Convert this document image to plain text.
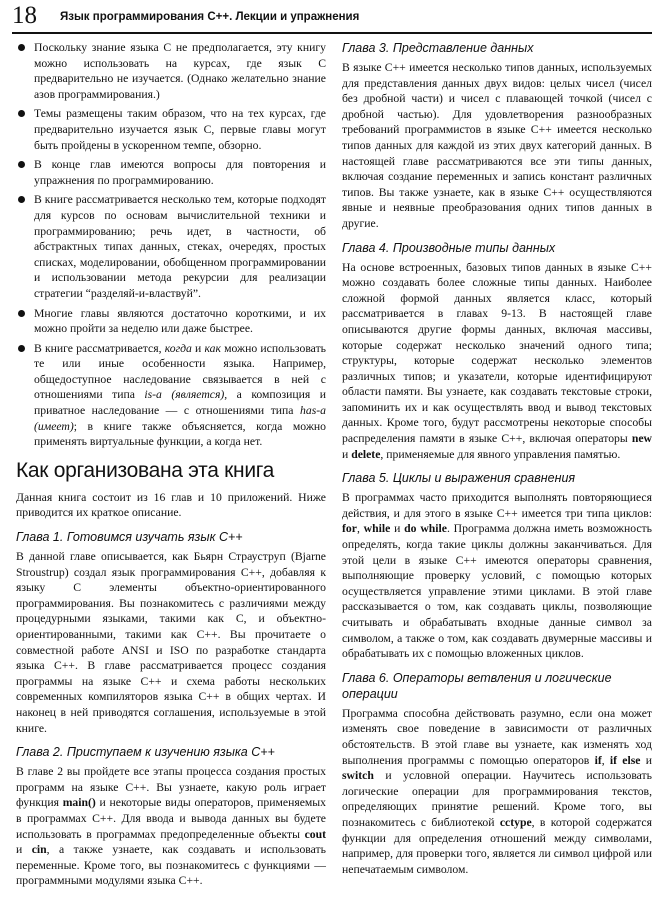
18 Язык программирования С++. Лекции и упражнения
Поскольку знание языка С не предполагается, эту книгу можно использовать на курсах, где язык С предварительно не изучается. (Однако желательно знание азов программирования.)
Темы размещены таким образом, что на тех курсах, где предварительно изучается язык С, первые главы могут быть пройдены в ускоренном темпе, обзорно.
В конце глав имеются вопросы для повторения и упражнения по программированию.
В книге рассматривается несколько тем, которые подходят для курсов по основам вычислительной техники и программированию; речь идет, в частности, об абстрактных типах данных, стеках, очередях, простых списках, моделировании, обобщенном программировании и использовании метода рекурсии для реализации стратегии “разделяй-и-властвуй”.
Многие главы являются достаточно короткими, и их можно пройти за неделю или даже быстрее.
В книге рассматривается, когда и как можно использовать те или иные особенности языка. Например, общедоступное наследование связывается в ней с отношениями типа is-a (является), а композиция и приватное наследование — с отношениями типа has-a (имеет); в книге также объясняется, когда можно применять виртуальные функции, а когда нет.
Как организована эта книга

Данная книга состоит из 16 глав и 10 приложений. Ниже приводится их краткое описание.

Глава 1. Готовимся изучать язык С++

В данной главе описывается, как Бьярн Страуструп (Bjarne Stroustrup) создал язык программирования С++, добавляя к языку С элементы объектно-ориентированного программирования. Вы познакомитесь с различиями между процедурными языками, такими как С, и объектно-ориентированными, такими как С++. Вы прочитаете о совместной работе ANSI и ISO по разработке стандарта языка С++. В главе рассматривается процесс создания программы на языке С++ и схема работы нескольких современных компиляторов языка С++ в общих чертах. И наконец в ней приводятся соглашения, используемые в этой книге.

Глава 2. Приступаем к изучению языка С++

В главе 2 вы пройдете все этапы процесса создания простых программ на языке С++. Вы узнаете, какую роль играет функция main() и некоторые виды операторов, применяемых в программах С++. Для ввода и вывода данных вы будете использовать в программах предопределенные объекты cout и cin, а также узнаете, как создавать и использовать переменные. Кроме того, вы познакомитесь с функциями — программными модулями языка С++.

Глава 3. Представление данных

В языке С++ имеется несколько типов данных, используемых для представления данных двух видов: целых чисел (чисел без дробной части) и чисел с плавающей точкой (чисел с дробной частью). Для удовлетворения разнообразных требований программистов в языке С++ имеется несколько типов данных для каждой из этих двух категорий данных. В настоящей главе рассматриваются все эти типы данных, включая создание переменных и запись констант различных типов. Вы также узнаете, как в языке С++ осуществляются явные и неявные преобразования одних типов данных в другие.

Глава 4. Производные типы данных

На основе встроенных, базовых типов данных в языке С++ можно создавать более сложные типы данных. Наиболее сложной формой данных является класс, который рассматривается в главах 9-13. В настоящей главе описываются другие формы данных, включая массивы, которые содержат несколько значений одного типа; структуры, которые содержат несколько элементов различных типов; и указатели, которые идентифицируют области памяти. Вы узнаете, как создавать текстовые строки, запоминить их и как осуществлять ввод и вывод текстовых данных. Кроме того, будут рассмотрены некоторые способы распределения памяти в языке С++, включая операторы new и delete, применяемые для явного управления памятью.

Глава 5. Циклы и выражения сравнения

В программах часто приходится выполнять повторяющиеся действия, и для этого в языке С++ имеется три типа циклов: for, while и do while. Программа должна иметь возможность определять, когда такие циклы должны заканчиваться. Для этой цели в языке С++ имеются операторы сравнения, выполняющие проверку условий, с помощью которых осуществляется управление этими циклами. В этой главе рассказывается о том, как создавать циклы, позволяющие считывать и обрабатывать входные данные символ за символом, а также о том, как создавать двумерные массивы и обрабатывать их с помощью вложенных циклов.

Глава 6. Операторы ветвления и логические операции

Программа способна действовать разумно, если она может изменять свое поведение в зависимости от различных обстоятельств. В этой главе вы узнаете, как изменять ход выполнения программы с помощью операторов if, if else и switch и условной операции. Научитесь использовать логические операции для программирования текстов, определяющих принятие решений. Кроме того, вы познакомитесь с библиотекой cctype, в которой содержатся функции для определения отношений между символами, например, для проверки того, является ли символ цифрой или непечатаемым символом.
